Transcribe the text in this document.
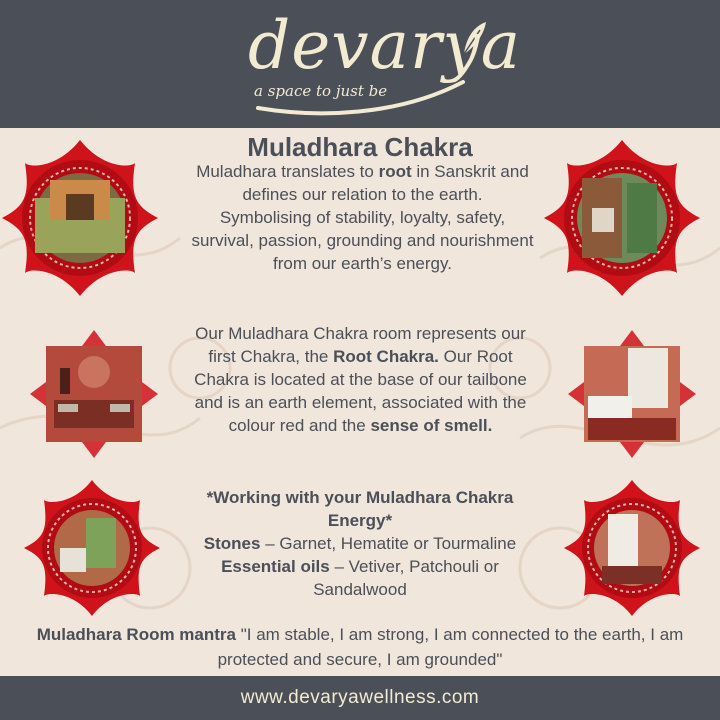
devarya
a space to just be
Muladhara Chakra
Muladhara translates to root in Sanskrit and
defines our relation to the earth.
Symbolising of stability, loyalty, safety,
survival, passion, grounding and nourishment
from our earth’s energy.
Our Muladhara Chakra room represents our
first Chakra, the Root Chakra. Our Root
Chakra is located at the base of our tailbone
and is an earth element, associated with the
colour red and the sense of smell.
*Working with your Muladhara Chakra
Energy*
Stones – Garnet, Hematite or Tourmaline
Essential oils – Vetiver, Patchouli or
Sandalwood
Muladhara Room mantra "I am stable, I am strong, I am connected to the earth, I am protected and secure, I am grounded"
www.devaryawellness.com
